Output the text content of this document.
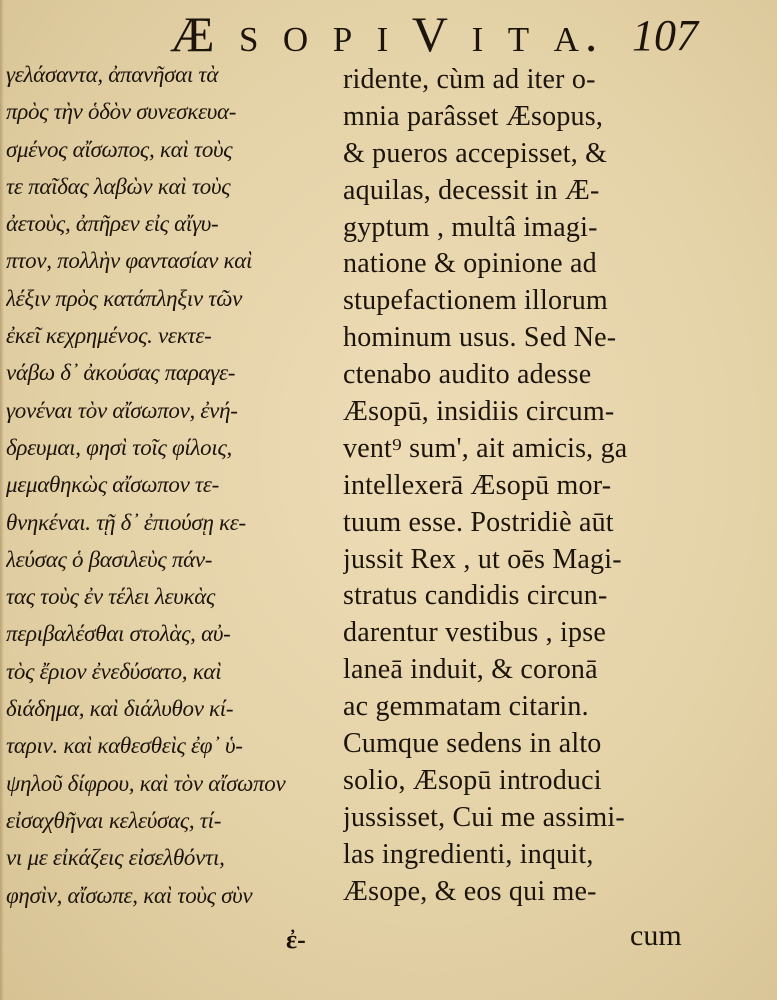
Æ s o p i V i t a. 107
γελάσαντα, ἀπανῆσαι τὰ
πρὸς τὴν ὁδὸν συνεσκευα-
σμένος αἴσωπος, καὶ τοὺς
τε παῖδας λαβὼν καὶ τοὺς
ἀετοὺς, ἀπῆρεν εἰς αἴγυ-
πτον, πολλὴν φαντασίαν καὶ
λέξιν πρὸς κατάπληξιν τῶν
ἐκεῖ κεχρημένος. νεκτε-
νάβω δ᾽ ἀκούσας παραγε-
γονέναι τὸν αἴσωπον, ἐνή-
δρευμαι, φησὶ τοῖς φίλοις,
μεμαθηκὼς αἴσωπον τε-
θνηκέναι. τῇ δ᾽ ἐπιούσῃ κε-
λεύσας ὁ βασιλεὺς πάν-
τας τοὺς ἐν τέλει λευκὰς
περιβαλέσθαι στολὰς, αὐ-
τὸς ἔριον ἐνεδύσατο, καὶ
διάδημα, καὶ διάλυθον κί-
ταριν. καὶ καθεσθεὶς ἐφ᾽ ὑ-
ψηλοῦ δίφρου, καὶ τὸν αἴσωπον
εἰσαχθῆναι κελεύσας, τί-
νι με εἰκάζεις εἰσελθόντι,
φησὶν, αἴσωπε, καὶ τοὺς σὺν
ἐ-
ridente, cùm ad iter o-
mnia parâsset Æsopus,
& pueros accepisset, &
aquilas, decessit in Æ-
gyptum , multâ imagi-
natione & opinione ad
stupefactionem illorum
hominum usus. Sed Ne-
ctenabo audito adesse
Æsopū, insidiis circum-
vent⁹ sum', ait amicis, ga
intellexerā Æsopū mor-
tuum esse. Postridiè aūt
jussit Rex , ut oēs Magi-
stratus candidis circun-
darentur vestibus , ipse
laneā induit, & coronā
ac gemmatam citarin.
Cumque sedens in alto
solio, Æsopū introduci
jussisset, Cui me assimi-
las ingredienti, inquit,
Æsope, & eos qui me-
cum
